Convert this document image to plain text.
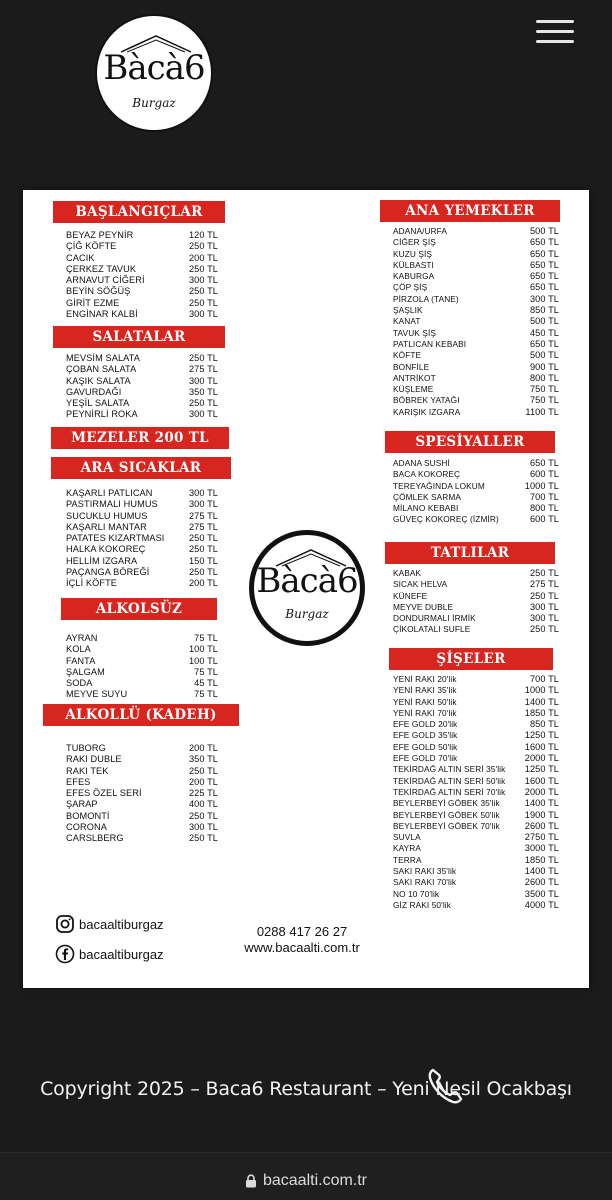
Bàcà6
Burgaz
BAŞLANGIÇLAR
BEYAZ PEYNİR	120 TL
ÇİĞ KÖFTE	250 TL
CACIK	200 TL
ÇERKEZ TAVUK	250 TL
ARNAVUT CİĞERİ	300 TL
BEYİN SÖĞÜŞ	250 TL
GİRİT EZME	250 TL
ENGİNAR KALBİ	300 TL
SALATALAR
MEVSİM SALATA	250 TL
ÇOBAN SALATA	275 TL
KAŞIK SALATA	300 TL
GAVURDAĞI	350 TL
YEŞİL SALATA	250 TL
PEYNİRLİ ROKA	300 TL
MEZELER 200 TL
ARA SICAKLAR
KAŞARLI PATLICAN	300 TL
PASTIRMALI HUMUS	300 TL
SUCUKLU HUMUS	275 TL
KAŞARLI MANTAR	275 TL
PATATES KIZARTMASI	250 TL
HALKA KOKOREÇ	250 TL
HELLİM IZGARA	150 TL
PAÇANGA BÖREĞİ	250 TL
İÇLİ KÖFTE	200 TL
ALKOLSÜZ
AYRAN	75 TL
KOLA	100 TL
FANTA	100 TL
ŞALGAM	75 TL
SODA	45 TL
MEYVE SUYU	75 TL
ALKOLLÜ (KADEH)
TUBORG	200 TL
RAKI DUBLE	350 TL
RAKI TEK	250 TL
EFES	200 TL
EFES ÖZEL SERİ	225 TL
ŞARAP	400 TL
BOMONTİ	250 TL
CORONA	300 TL
CARSLBERG	250 TL
Bàcà6
Burgaz
ANA YEMEKLER
ADANA/URFA	500 TL
CİĞER ŞİŞ	650 TL
KUZU ŞİŞ	650 TL
KÜLBASTI	650 TL
KABURGA	650 TL
ÇÖP ŞİŞ	650 TL
PİRZOLA (TANE)	300 TL
ŞAŞLIK	850 TL
KANAT	500 TL
TAVUK ŞİŞ	450 TL
PATLICAN KEBABI	650 TL
KÖFTE	500 TL
BONFİLE	900 TL
ANTRİKOT	800 TL
KÜŞLEME	750 TL
BÖBREK YATAĞI	750 TL
KARIŞIK IZGARA	1100 TL
SPESİYALLER
ADANA SUSHİ	650 TL
BACA KOKOREÇ	600 TL
TEREYAĞINDA LOKUM	1000 TL
ÇÖMLEK SARMA	700 TL
MİLANO KEBABI	800 TL
GÜVEÇ KOKOREÇ (İZMİR)	600 TL
TATLILAR
KABAK	250 TL
SICAK HELVA	275 TL
KÜNEFE	250 TL
MEYVE DUBLE	300 TL
DONDURMALI İRMİK	300 TL
ÇİKOLATALI SUFLE	250 TL
ŞİŞELER
YENİ RAKI 20'lik	700 TL
YENİ RAKI 35'lik	1000 TL
YENİ RAKI 50'lik	1400 TL
YENİ RAKI 70'lik	1850 TL
EFE GOLD 20'lik	850 TL
EFE GOLD 35'lik	1250 TL
EFE GOLD 50'lik	1600 TL
EFE GOLD 70'lik	2000 TL
TEKİRDAĞ ALTIN SERİ 35'lik 1250 TL
TEKİRDAĞ ALTIN SERİ 50'lik 1600 TL
TEKİRDAĞ ALTIN SERİ 70'lik 2000 TL
BEYLERBEYİ GÖBEK 35'lik	1400 TL
BEYLERBEYİ GÖBEK 50'lik	1900 TL
BEYLERBEYİ GÖBEK 70'lik	2600 TL
SUVLA	2750 TL
KAYRA	3000 TL
TERRA	1850 TL
SAKI RAKI 35'lik	1400 TL
SAKI RAKI 70'lik	2600 TL
NO 10 70'lik	3500 TL
GİZ RAKI 50'lik	4000 TL
bacaaltiburgaz
bacaaltiburgaz
0288 417 26 27
www.bacaalti.com.tr
Copyright 2025 – Baca6 Restaurant – Yeni Nesil Ocakbaşı
bacaalti.com.tr
